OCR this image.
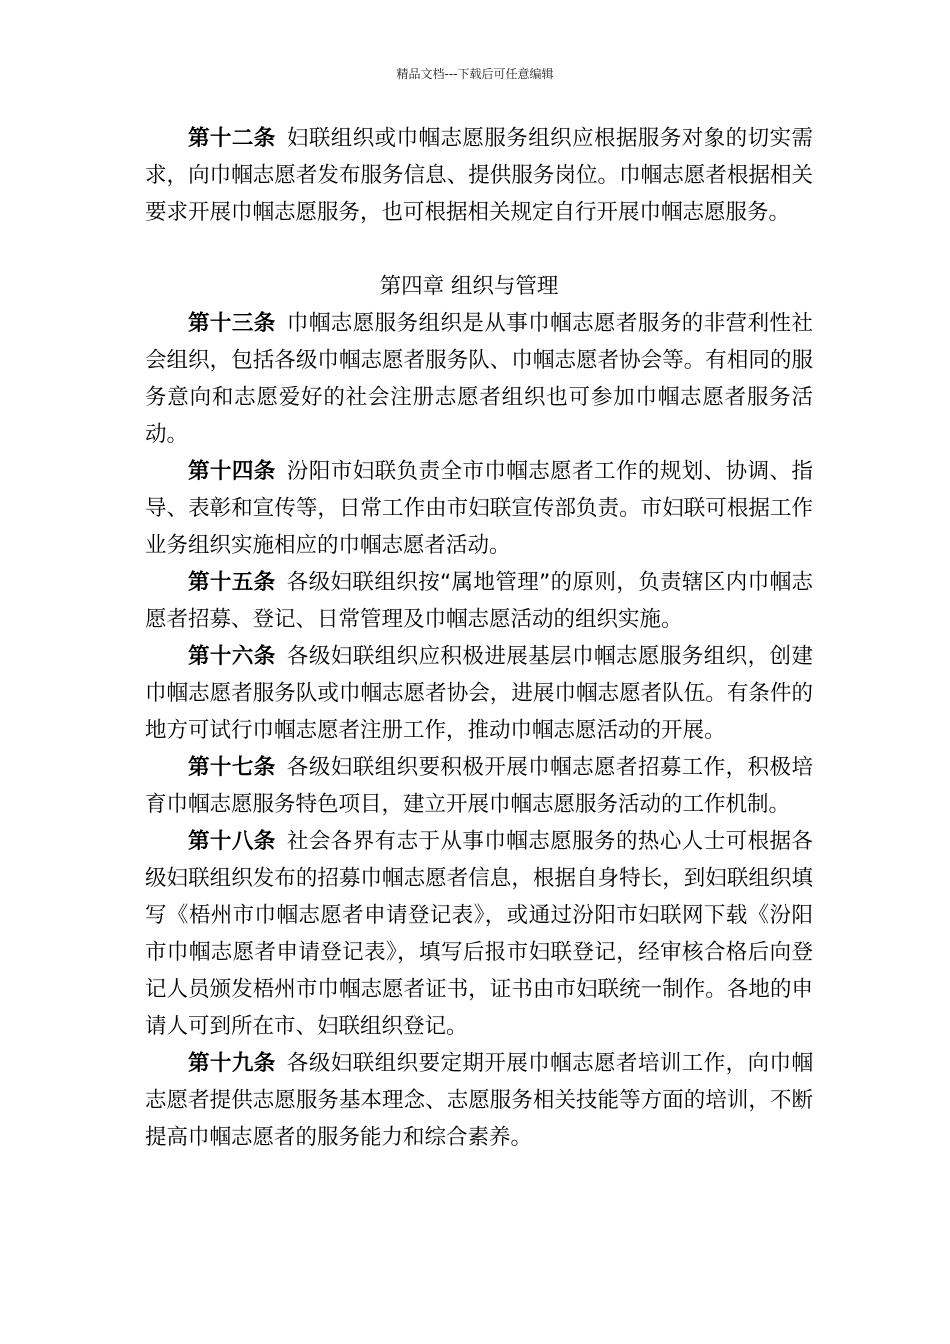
精品文档---下载后可任意编辑

第十二条 妇联组织或巾帼志愿服务组织应根据服务对象的切实需求，向巾帼志愿者发布服务信息、提供服务岗位。巾帼志愿者根据相关要求开展巾帼志愿服务，也可根据相关规定自行开展巾帼志愿服务。

第四章 组织与管理

第十三条 巾帼志愿服务组织是从事巾帼志愿者服务的非营利性社会组织，包括各级巾帼志愿者服务队、巾帼志愿者协会等。有相同的服务意向和志愿爱好的社会注册志愿者组织也可参加巾帼志愿者服务活动。

第十四条 汾阳市妇联负责全市巾帼志愿者工作的规划、协调、指导、表彰和宣传等，日常工作由市妇联宣传部负责。市妇联可根据工作业务组织实施相应的巾帼志愿者活动。

第十五条 各级妇联组织按“属地管理”的原则，负责辖区内巾帼志愿者招募、登记、日常管理及巾帼志愿活动的组织实施。

第十六条 各级妇联组织应积极进展基层巾帼志愿服务组织，创建巾帼志愿者服务队或巾帼志愿者协会，进展巾帼志愿者队伍。有条件的地方可试行巾帼志愿者注册工作，推动巾帼志愿活动的开展。

第十七条 各级妇联组织要积极开展巾帼志愿者招募工作，积极培育巾帼志愿服务特色项目，建立开展巾帼志愿服务活动的工作机制。

第十八条 社会各界有志于从事巾帼志愿服务的热心人士可根据各级妇联组织发布的招募巾帼志愿者信息，根据自身特长，到妇联组织填写《梧州市巾帼志愿者申请登记表》，或通过汾阳市妇联网下载《汾阳市巾帼志愿者申请登记表》，填写后报市妇联登记，经审核合格后向登记人员颁发梧州市巾帼志愿者证书，证书由市妇联统一制作。各地的申请人可到所在市、妇联组织登记。

第十九条 各级妇联组织要定期开展巾帼志愿者培训工作，向巾帼志愿者提供志愿服务基本理念、志愿服务相关技能等方面的培训，不断提高巾帼志愿者的服务能力和综合素养。
